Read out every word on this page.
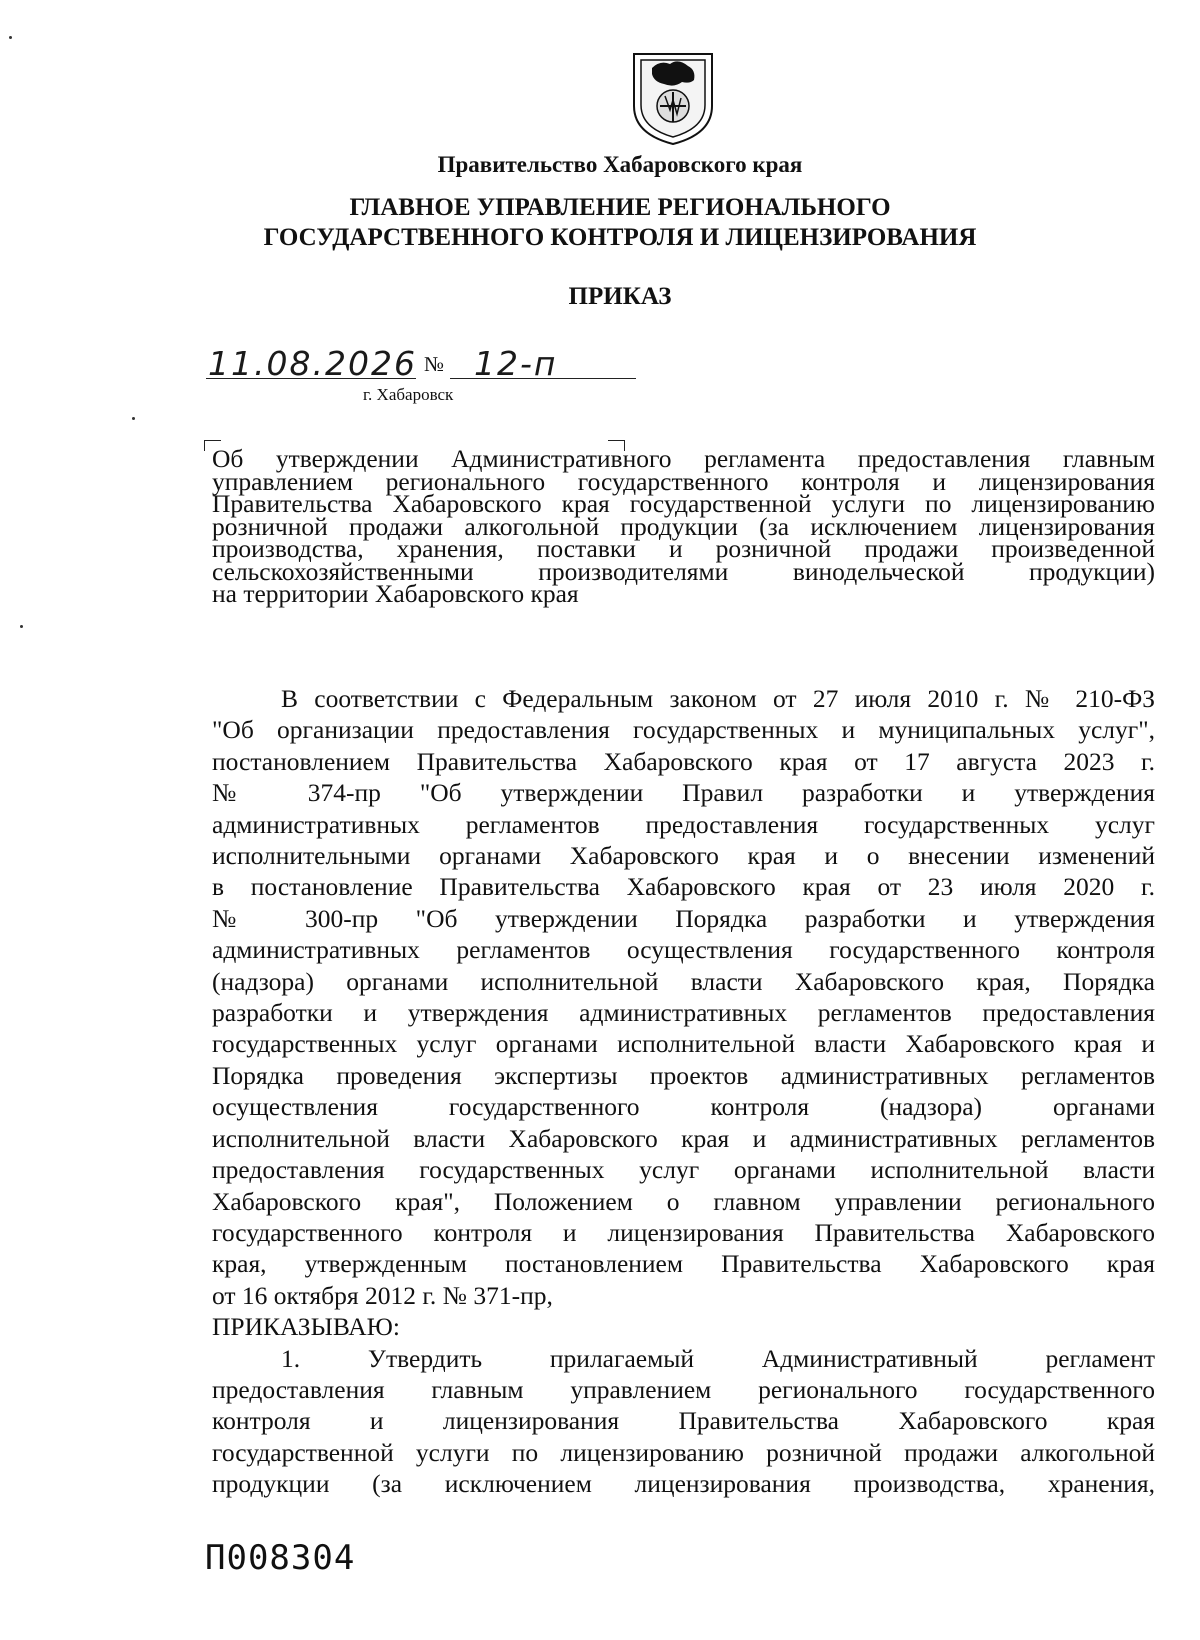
Правительство Хабаровского края
ГЛАВНОЕ УПРАВЛЕНИЕ РЕГИОНАЛЬНОГО
ГОСУДАРСТВЕННОГО КОНТРОЛЯ И ЛИЦЕНЗИРОВАНИЯ
ПРИКАЗ
11.08.2026 № 12-п
г. Хабаровск
Об утверждении Административного регламента предоставления главным
управлением регионального государственного контроля и лицензирования
Правительства Хабаровского края государственной услуги по лицензированию
розничной продажи алкогольной продукции (за исключением лицензирования
производства, хранения, поставки и розничной продажи произведенной
сельскохозяйственными производителями винодельческой продукции)
на территории Хабаровского края
В соответствии с Федеральным законом от 27 июля 2010 г. № 210-ФЗ
"Об организации предоставления государственных и муниципальных услуг",
постановлением Правительства Хабаровского края от 17 августа 2023 г.
№ 374-пр "Об утверждении Правил разработки и утверждения
административных регламентов предоставления государственных услуг
исполнительными органами Хабаровского края и о внесении изменений
в постановление Правительства Хабаровского края от 23 июля 2020 г.
№ 300-пр "Об утверждении Порядка разработки и утверждения
административных регламентов осуществления государственного контроля
(надзора) органами исполнительной власти Хабаровского края, Порядка
разработки и утверждения административных регламентов предоставления
государственных услуг органами исполнительной власти Хабаровского края и
Порядка проведения экспертизы проектов административных регламентов
осуществления государственного контроля (надзора) органами
исполнительной власти Хабаровского края и административных регламентов
предоставления государственных услуг органами исполнительной власти
Хабаровского края", Положением о главном управлении регионального
государственного контроля и лицензирования Правительства Хабаровского
края, утвержденным постановлением Правительства Хабаровского края
от 16 октября 2012 г. № 371-пр,
ПРИКАЗЫВАЮ:
1. Утвердить прилагаемый Административный регламент
предоставления главным управлением регионального государственного
контроля и лицензирования Правительства Хабаровского края
государственной услуги по лицензированию розничной продажи алкогольной
продукции (за исключением лицензирования производства, хранения,
П008304
